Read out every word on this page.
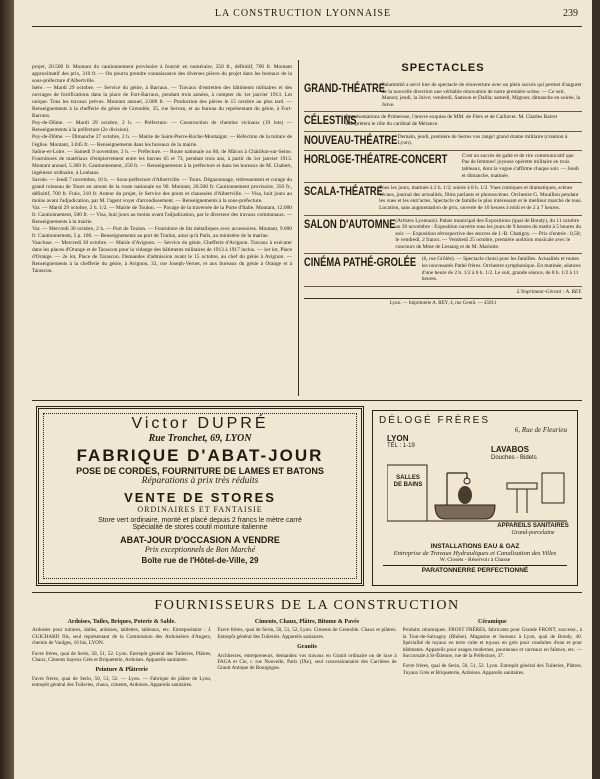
LA CONSTRUCTION LYONNAISE	239

projet, 20.500 fr. Montant du cautionnement provisoire à fournir en numéraire, 350 fr., définitif, 700 fr. Montant approximatif des prix, 310 fr. — On pourra prendre connaissance des diverses pièces du projet dans les bureaux de la sous-préfecture d'Albertville.

Isère. — Mardi 29 octobre. — Service du génie, à Barraux. — Travaux d'entretien des bâtiments militaires et des ouvrages de fortifications dans la place de Fort-Barraux, pendant trois années, à compter du 1er janvier 1913. Lot unique. Tous les travaux prévus. Montant annuel, 2.000 fr. — Production des pièces le 15 octobre au plus tard. — Renseignements à la chefferie du génie de Grenoble, 35, rue Servan, et au bureau du représentant du génie, à Fort-Barraux.

Puy-de-Dôme. — Mardi 29 octobre, 2 h. — Préfecture. — Construction de chemins vicinaux (19 lots) — Renseignements à la préfecture (2e division).

Puy-de-Dôme. — Dimanche 27 octobre, 2 h. — Mairie de Saint-Pierre-Roche-Montaigut. — Réfection de la toiture de l'église. Montant, 3.045 fr. — Renseignements dans les bureaux de la mairie.

Saône-et-Loire. — Samedi 9 novembre, 2 h. — Préfecture. — Route nationale no 80, de Mâcon à Châtillon-sur-Seine. Fournitures de matériaux d'empierrement entre les bornes 65 et 73, pendant trois ans, à partir du 1er janvier 1913. Montant annuel, 5.300 fr. Cautionnement, 250 fr. — Renseignements à la préfecture et dans les bureaux de M. Chabert, ingénieur ordinaire, à Louhans.

Savoie. — Jeudi 7 novembre, 10 h. — Sous-préfecture d'Albertville. — Tours. Dégazonnage, redressement et curage du grand ruisseau de Tours en amont de la route nationale no 90. Montant, 20.500 fr. Cautionnement provisoire, 350 fr., définitif, 700 fr. Frais, 310 fr. Auteur du projet, le Service des ponts et chaussées d'Albertville. — Visa, huit jours au moins avant l'adjudication, par M. l'agent voyer d'arrondissement. — Renseignements à la sous-préfecture.

Var. — Mardi 29 octobre, 2 h. 1/2. — Mairie de Toulon. — Pavage de la traversée de la Porte d'Italie. Montant, 12.000 fr. Cautionnement, 500 fr. — Visa, huit jours au moins avant l'adjudication, par le directeur des travaux communaux. — Renseignements à la mairie.

Var. — Mercredi 30 octobre, 2 h. — Port de Toulon. — Fourniture de lits métalliques avec accessoires. Montant, 9.000 fr. Cautionnement, 5 p. 100. — Renseignements au port de Toulon, ainsi qu'à Paris, au ministère de la marine.

Vaucluse. — Mercredi 30 octobre. — Mairie d'Avignon. — Service du génie, Chefferie d'Avignon. Travaux à exécuter dans les places d'Orange et de Tarascon pour la vidange des bâtiments militaires de 1913 à 1917 inclus. — 1er lot, Place d'Orange. — 2e lot, Place de Tarascon. Demandes d'admission avant le 15 octobre, au chef du génie à Avignon. — Renseignements à la chefferie du génie, à Avignon, 32, rue Joseph-Vernet, et aux bureaux du génie à Orange et à Tarascon.

SPECTACLES
GRAND-THÉATRE
Salammbô a servi hier de spectacle de réouverture avec un plein succès qui permet d'augurer de la nouvelle direction une véritable rénovation de notre première scène. — Ce soir, Manon; jeudi, la Juive; vendredi, Samson et Dalila; samedi, Mignon; dimanche en soirée, la Juive.
CÉLESTINS
Représentations de Primerose, l'œuvre exquise de MM. de Flers et de Caillavet. M. Charles Barret interprètera le rôle du cardinal de Mérance.
NOUVEAU-THÉATRE Demain, jeudi, première de Serres vos rangs! grand drame militaire (création à Lyon).
HORLOGE-THÉATRE-CONCERT	C'est un succès de gaîté et de rire communicatif que Pas de femmes! joyeuse opérette militaire en trois tableaux, dont la vogue s'affirme chaque soir. — Jeudi et dimanche, matinée.
SCALA-THÉATRE
Tous les jours, matinée à 2 h. 1/2; soirée à 8 h. 1/2. Vues comiques et dramatiques, scènes vécues, journal des actualités, films parlants et phonoscènes. Orchestre G. Mouillon pendant les vues et les entr'actes. Spectacle de famille le plus intéressant et le meilleur marché de tous. Location, sans augmentation de prix, ouverte de 10 heures à midi et de 2 à 7 heures.
SALON D'AUTOMNE (Artistes Lyonnais). Palais municipal des Expositions (quai de Bondy), du 11 octobre au 30 novembre : Exposition ouverte tous les jours de 9 heures du matin à 5 heures du soir. — Exposition rétrospective des œuvres de J.-B. Chatigny. — Prix d'entrée : 0,50; le vendredi, 2 francs. — Vendredi 25 octobre, première audition musicale avec le concours de Mme de Lestang et de M. Mariotte.
CINÉMA PATHÉ-GROLÉE (6, rue Grôlée). — Spectacle choisi pour les familles. Actualités et toutes les nouveautés Pathé frères. Orchestre symphonique. En matinée, séances d'une heure de 2 h. 1/2 à 6 h. 1/2. Le soir, grande séance, de 8 h. 1/2 à 11 heures.
L'Imprimeur-Gérant : A. REY.
Lyon. — Imprimerie A. REY, 4, rue Gentil. — 45011
Victor DUPRÉ
Rue Tronchet, 69, LYON
FABRIQUE D'ABAT-JOUR
POSE DE CORDES, FOURNITURE DE LAMES ET BATONS
Réparations à prix très réduits
VENTE DE STORES
ORDINAIRES ET FANTAISIE
Store vert ordinaire, monté et placé depuis 2 francs le mètre carré
Spécialité de stores coutil monture italienne
ABAT-JOUR D'OCCASION A VENDRE
Prix exceptionnels de Bon Marché
Boîte rue de l'Hôtel-de-Ville, 29
DÉLOGÉ FRÈRES
6, Rue de Fleurieu
LYON
TÉL : 1-19	LAVABOS
Douches - Bidets
SALLES DE BAINS
APPAREILS SANITAIRES
Grand-porcelaine
INSTALLATIONS EAU & GAZ
Entreprise de Travaux Hydrauliques et Canalisation des Villes
W. Closets - Réservoir à Chasse
PARATONNERRE PERFECTIONNÉ
FOURNISSEURS DE LA CONSTRUCTION
Ardoises, Tuiles, Briques, Poterie & Sable.

Ardoises pour toitures, dalles, ardoises, tablettes, tableaux, etc. Entrepositaire : J. GUICHARD fils, seul représentant de la Commission des Ardoisières d'Angers, chemin de Vaulges, 16 bis, LYON.

Favre frères, quai de Serin, 50, 51, 52. Lyon. Entrepôt général des Tuileries, Plâtres, Chaux, Ciments bayeux Grès et Briqueterie, Ardoises. Appareils sanitaires.

Peinture & Plâtrerie

Favre frères, quai de Serin, 50, 51, 52. — Lyon. — Fabrique de plâtre de Lyon, entrepôt général des Tuileries, chaux, ciments, Ardoises. Appareils sanitaires.

Ciments, Chaux, Plâtre, Bitume & Pavés

Favre frères, quai de Serin, 50, 51, 52, Lyon. Ciments de Grenoble. Chaux et plâtres. Entrepôt général des Tuileries. Appareils sanitaires.

Granits

Architectes, entrepreneurs, demandez vos travaux en Granit ordinaire ou de luxe à FAGA et Cie, r. rue Nouvelle, Paris (IXe), seul concessionnaire des Carrières de Granit Antique de Bourgogne.

Céramique

Produits céramiques. FROST FRÈRES, fabricants pour Grande FRONT, successr., à la Tour-de-Salvagny (Rhône). Magasins et bureaux à Lyon, quai de Bondy, 40. Spécialité de tuyaux en terre cuite et tuyaux en grès pour conduites d'eau et pour bâtiments. Appareils pour usages modernes, pourneaux et carreaux en faïence, etc. — Succursale à St-Étienne, rue de la Préfecture, 37.

Favre frères, quai de Serin, 50, 51, 52. Lyon. Entrepôt général des Tuileries, Plâtres. Tuyaux Grès et Briqueterie, Ardoises. Appareils sanitaires.
